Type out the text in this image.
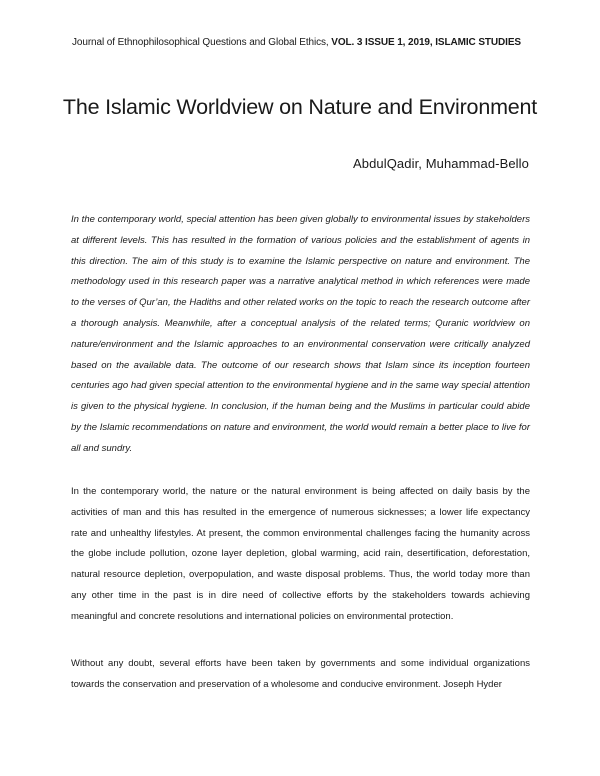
Journal of Ethnophilosophical Questions and Global Ethics, VOL. 3 ISSUE 1, 2019, ISLAMIC STUDIES
The Islamic Worldview on Nature and Environment
AbdulQadir, Muhammad-Bello

In the contemporary world, special attention has been given globally to environmental issues by stakeholders at different levels. This has resulted in the formation of various policies and the establishment of agents in this direction. The aim of this study is to examine the Islamic perspective on nature and environment. The methodology used in this research paper was a narrative analytical method in which references were made to the verses of Qur’an, the Hadiths and other related works on the topic to reach the research outcome after a thorough analysis. Meanwhile, after a conceptual analysis of the related terms; Quranic worldview on nature/environment and the Islamic approaches to an environmental conservation were critically analyzed based on the available data. The outcome of our research shows that Islam since its inception fourteen centuries ago had given special attention to the environmental hygiene and in the same way special attention is given to the physical hygiene. In conclusion, if the human being and the Muslims in particular could abide by the Islamic recommendations on nature and environment, the world would remain a better place to live for all and sundry.

In the contemporary world, the nature or the natural environment is being affected on daily basis by the activities of man and this has resulted in the emergence of numerous sicknesses; a lower life expectancy rate and unhealthy lifestyles. At present, the common environmental challenges facing the humanity across the globe include pollution, ozone layer depletion, global warming, acid rain, desertification, deforestation, natural resource depletion, overpopulation, and waste disposal problems. Thus, the world today more than any other time in the past is in dire need of collective efforts by the stakeholders towards achieving meaningful and concrete resolutions and international policies on environmental protection.

Without any doubt, several efforts have been taken by governments and some individual organizations towards the conservation and preservation of a wholesome and conducive environment. Joseph Hyder
